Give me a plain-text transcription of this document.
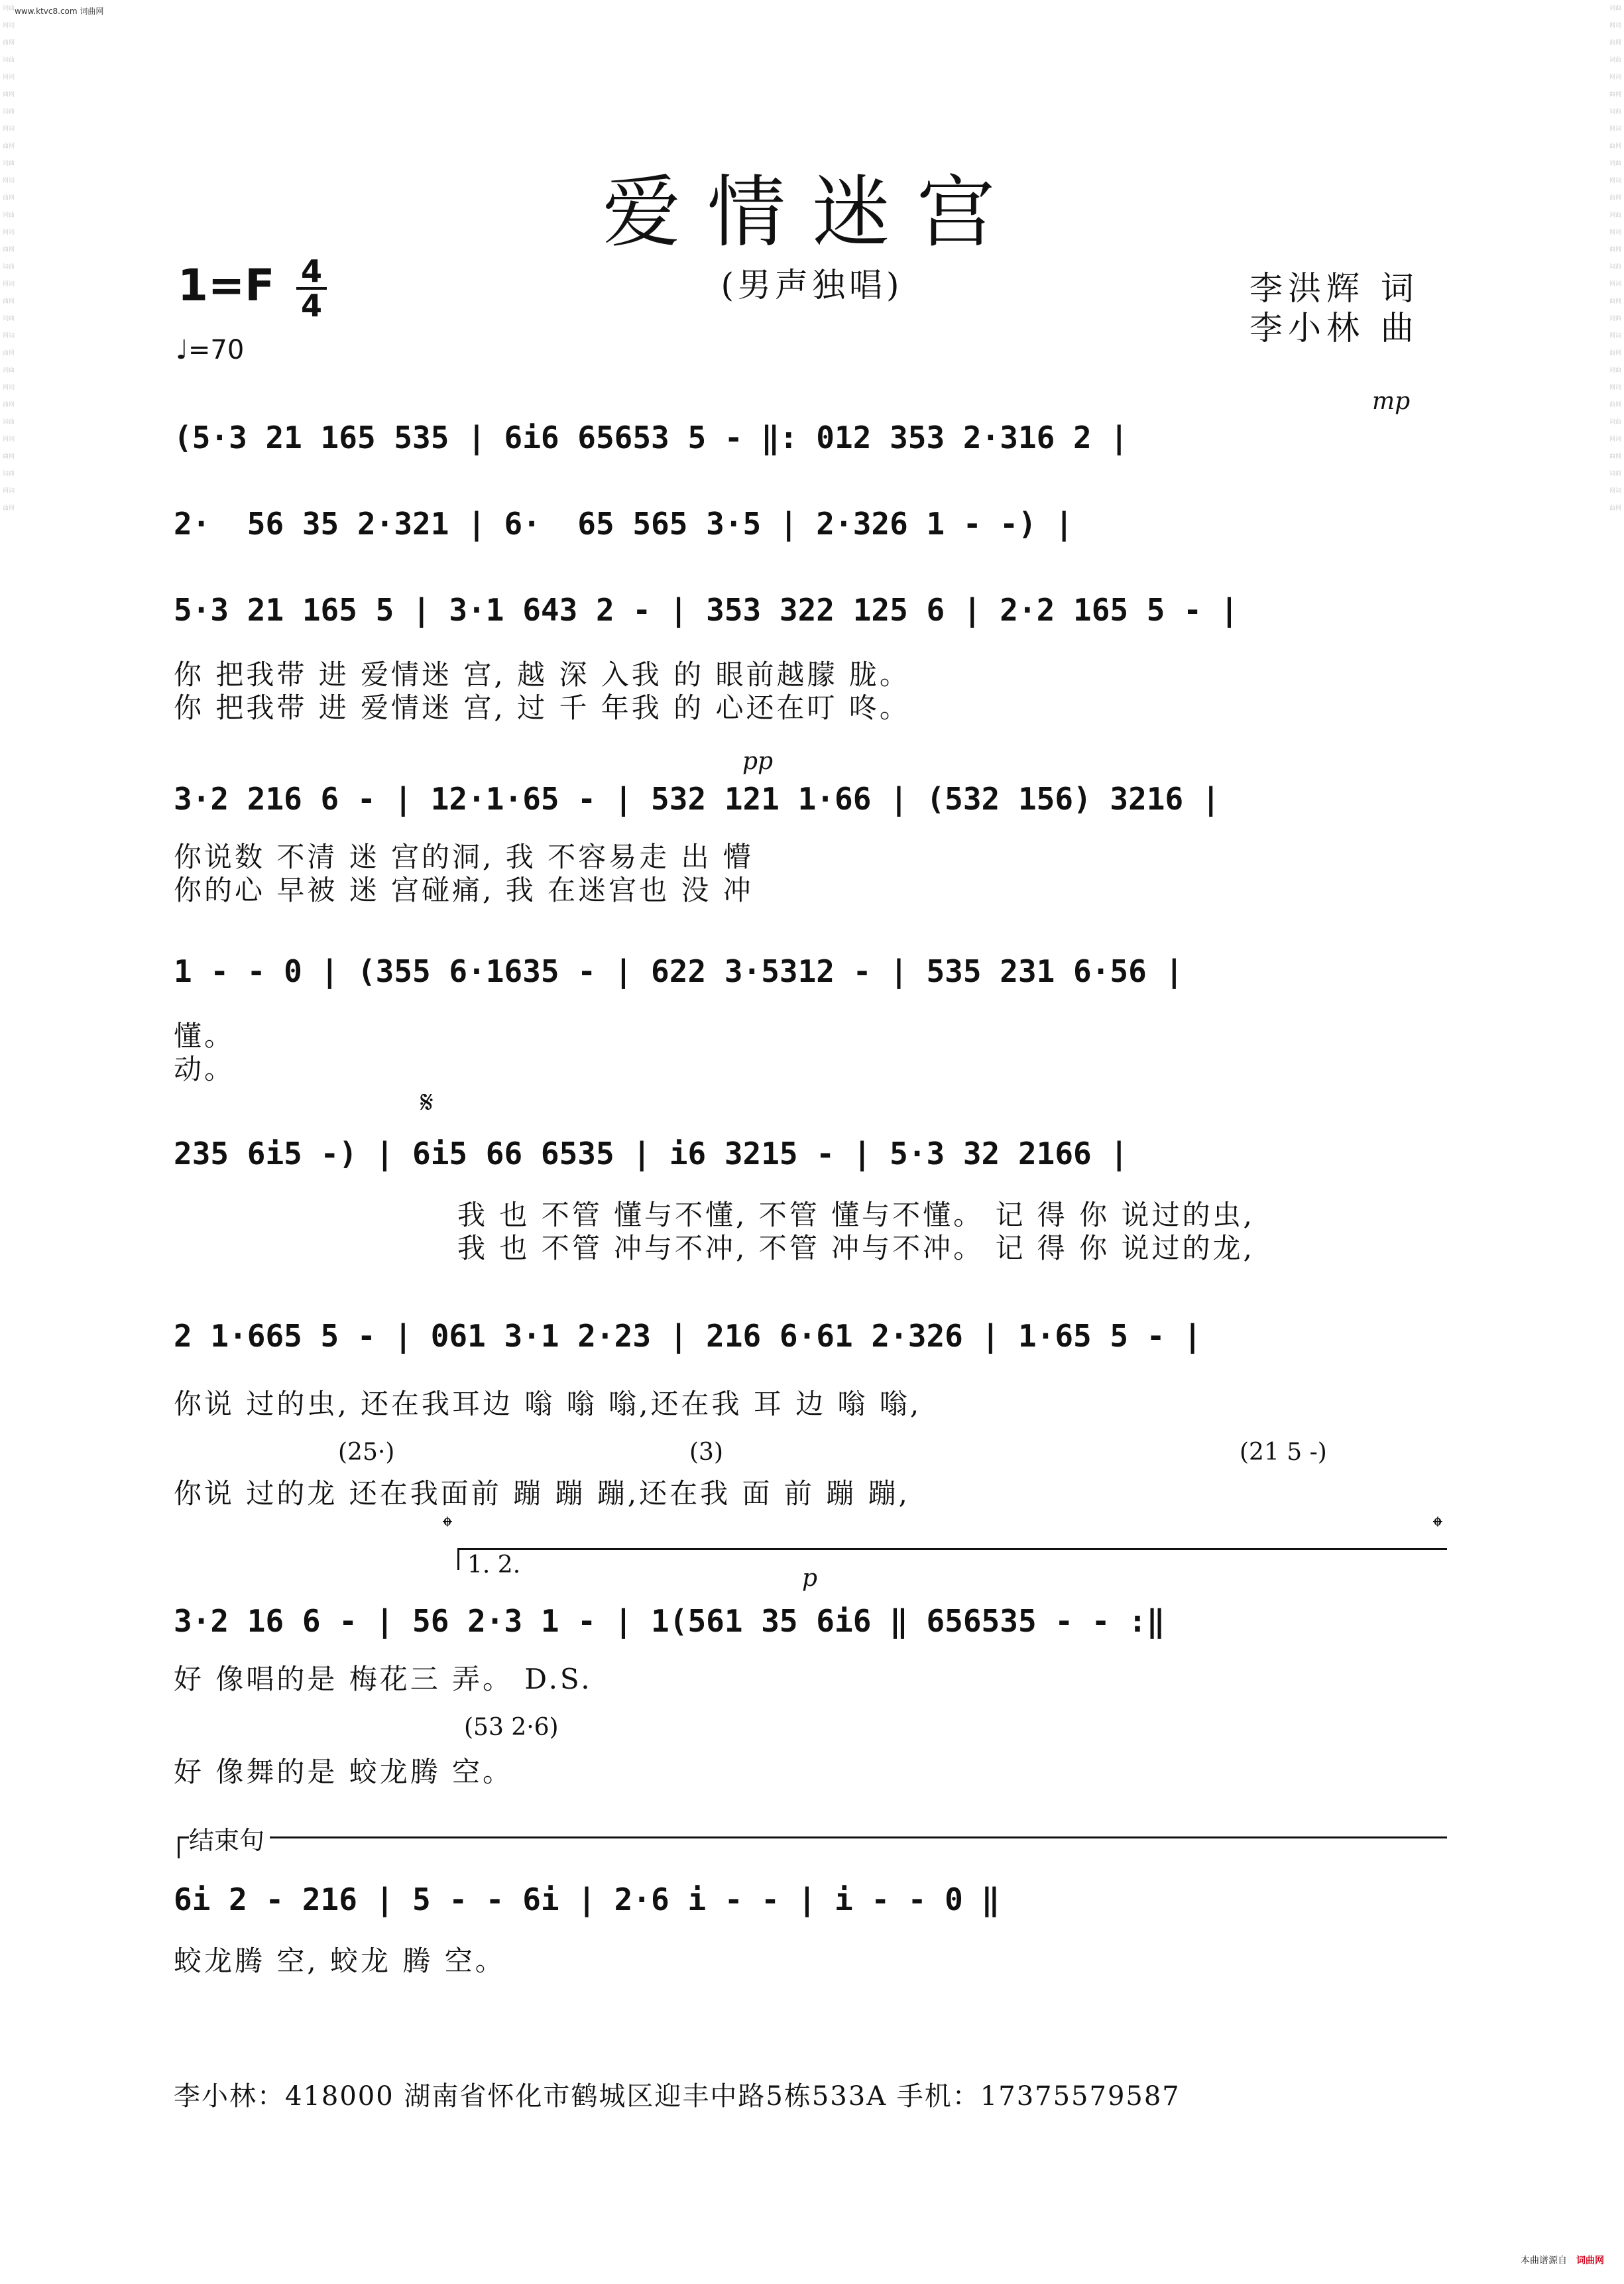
词曲网词曲网词曲网词曲网词曲网词曲网词曲网词曲网词曲网词曲网词曲网词曲网词曲网词曲网词曲网词曲网词曲网词曲网词曲网词曲网
词曲网词曲网词曲网词曲网词曲网词曲网词曲网词曲网词曲网词曲网词曲网词曲网词曲网词曲网词曲网词曲网词曲网词曲网词曲网词曲网
www.ktvc8.com 词曲网
爱情迷宫
(男声独唱)
1=F 4
4
♩=70
李洪辉 词
李小林 曲

(5·3 21 165 535 | 6i6 65653 5 - ‖: 012 353 2·316 2 |

mp

2·  56 35 2·321 | 6·  65 565 3·5 | 2·326 1 - -) |

5·3 21 165 5 | 3·1 643 2 - | 353 322 125 6 | 2·2 165 5 - |

你 把我带 进 爱情迷 宫, 越 深 入我 的 眼前越朦 胧。
你 把我带 进 爱情迷 宫, 过 千 年我 的 心还在叮 咚。
pp

3·2 216 6 - | 12·1·65 - | 532 121 1·66 | (532 156) 3216 |

你说数 不清 迷 宫的洞, 我 不容易走 出 懵
你的心 早被 迷 宫碰痛, 我 在迷宫也 没 冲

1 - - 0 | (355 6·1635 - | 622 3·5312 - | 535 231 6·56 |

懂。
动。
𝄋

235 6i5 -) | 6i5 66 6535 | i6 3215 - | 5·3 32 2166 |

我 也 不管 懂与不懂, 不管 懂与不懂。 记 得 你 说过的虫,
我 也 不管 冲与不冲, 不管 冲与不冲。 记 得 你 说过的龙,

2 1·665 5 - | 061 3·1 2·23 | 216 6·61 2·326 | 1·65 5 - |

你说 过的虫, 还在我耳边 嗡 嗡 嗡,还在我 耳 边 嗡 嗡,
(25·)	(3)	(21 5 -)
你说 过的龙 还在我面前 蹦 蹦 蹦,还在我 面 前 蹦 蹦,
𝄌	𝄌
1. 2.	p

3·2 16 6 - | 56 2·3 1 - | 1(561 35 6i6 ‖ 656535 - - :‖

好 像唱的是 梅花三 弄。 D.S.
(53 2·6)
好 像舞的是 蛟龙腾 空。
结束句

6i 2 - 216 | 5 - - 6i | 2·6 i - - | i - - 0 ‖

蛟龙腾 空, 蛟龙 腾 空。
李小林：418000 湖南省怀化市鹤城区迎丰中路5栋533A 手机：17375579587
本曲谱源自 词曲网
